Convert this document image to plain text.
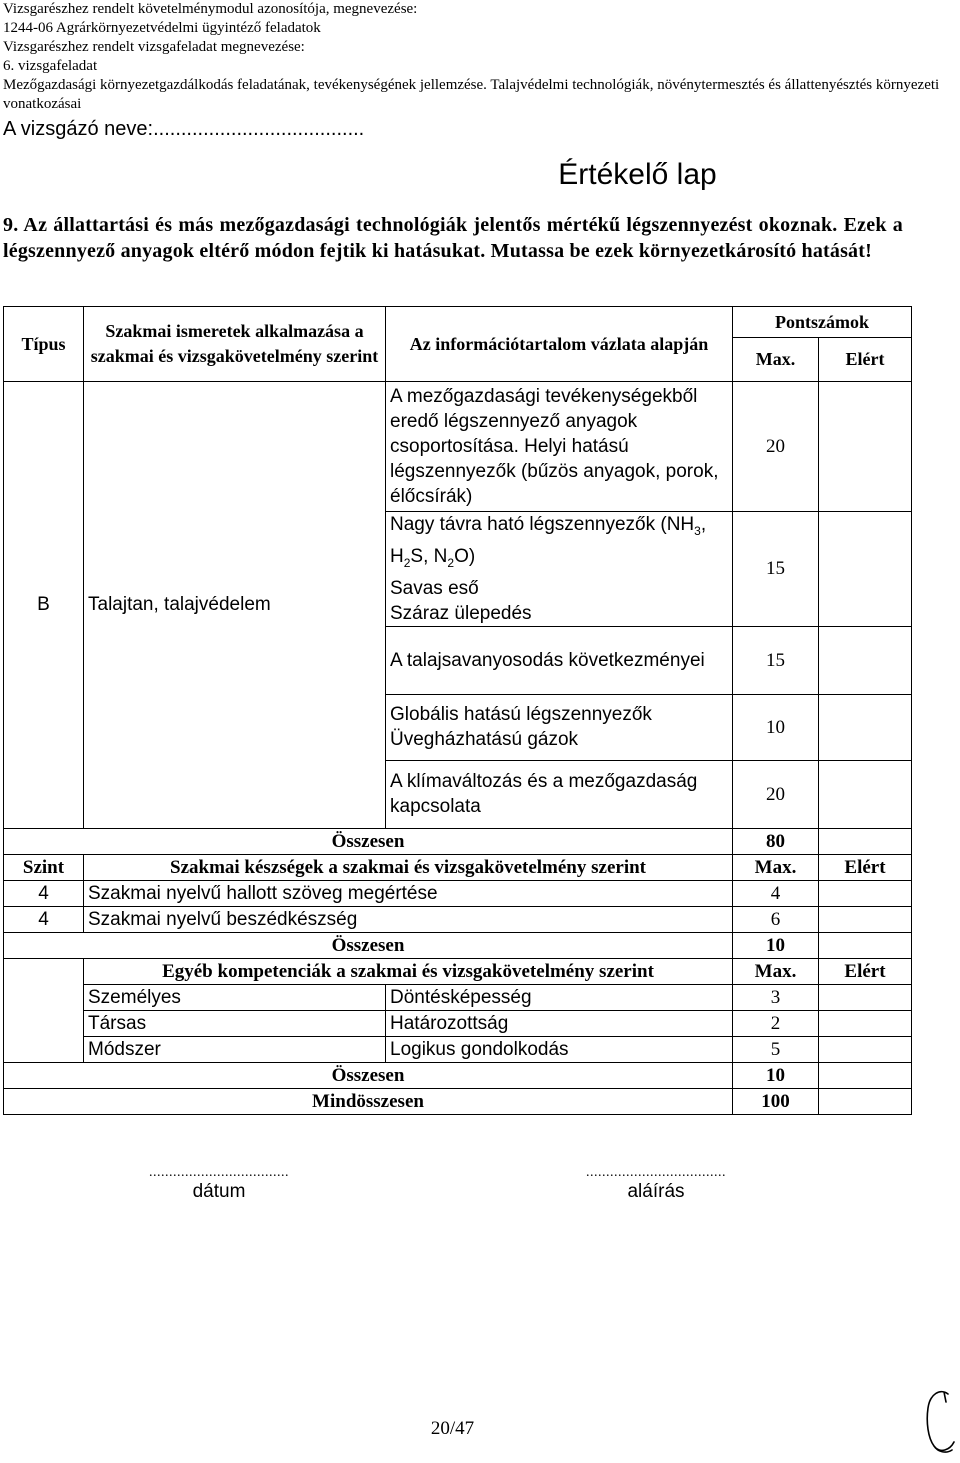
Vizsgarészhez rendelt követelménymodul azonosítója, megnevezése:
1244-06 Agrárkörnyezetvédelmi ügyintéző feladatok
Vizsgarészhez rendelt vizsgafeladat megnevezése:
6. vizsgafeladat
Mezőgazdasági környezetgazdálkodás feladatának, tevékenységének jellemzése. Talajvédelmi technológiák, növénytermesztés és állattenyésztés környezeti vonatkozásai
A vizsgázó neve:......................................
Értékelő lap
9. Az állattartási és más mezőgazdasági technológiák jelentős mértékű légszennyezést okoznak. Ezek a légszennyező anyagok eltérő módon fejtik ki hatásukat. Mutassa be ezek környezetkárosító hatását!
Típus	Szakmai ismeretek alkalmazása a szakmai és vizsgakövetelmény szerint	Az információtartalom vázlata alapján	Pontszámok	
			Max.	Elért
B	Talajtan, talajvédelem	A mezőgazdasági tevékenységekből eredő légszennyező anyagok csoportosítása. Helyi hatású légszennyezők (bűzös anyagok, porok, élőcsírák)	20	
		Nagy távra ható légszennyezők ($NH_3$, $H_2S$, $N_2O$)
Savas eső
Száraz ülepedés	15	
		A talajsavanyosodás következményei	15	
		Globális hatású légszennyezők
Üvegházhatású gázok	10	
		A klímaváltozás és a mezőgazdaság kapcsolata	20	
Összesen			80	
Szint	Szakmai készségek a szakmai és vizsgakövetelmény szerint		Max.	Elért
4	Szakmai nyelvű hallott szöveg megértése		4	
4	Szakmai nyelvű beszédkészség		6	
Összesen			10	
	Egyéb kompetenciák a szakmai és vizsgakövetelmény szerint		Max.	Elért
	Személyes	Döntésképesség	3	
	Társas	Határozottság	2	
	Módszer	Logikus gondolkodás	5	
Összesen			10	
Mindösszesen			100	
...................................
dátum
...................................
aláírás
20/47
